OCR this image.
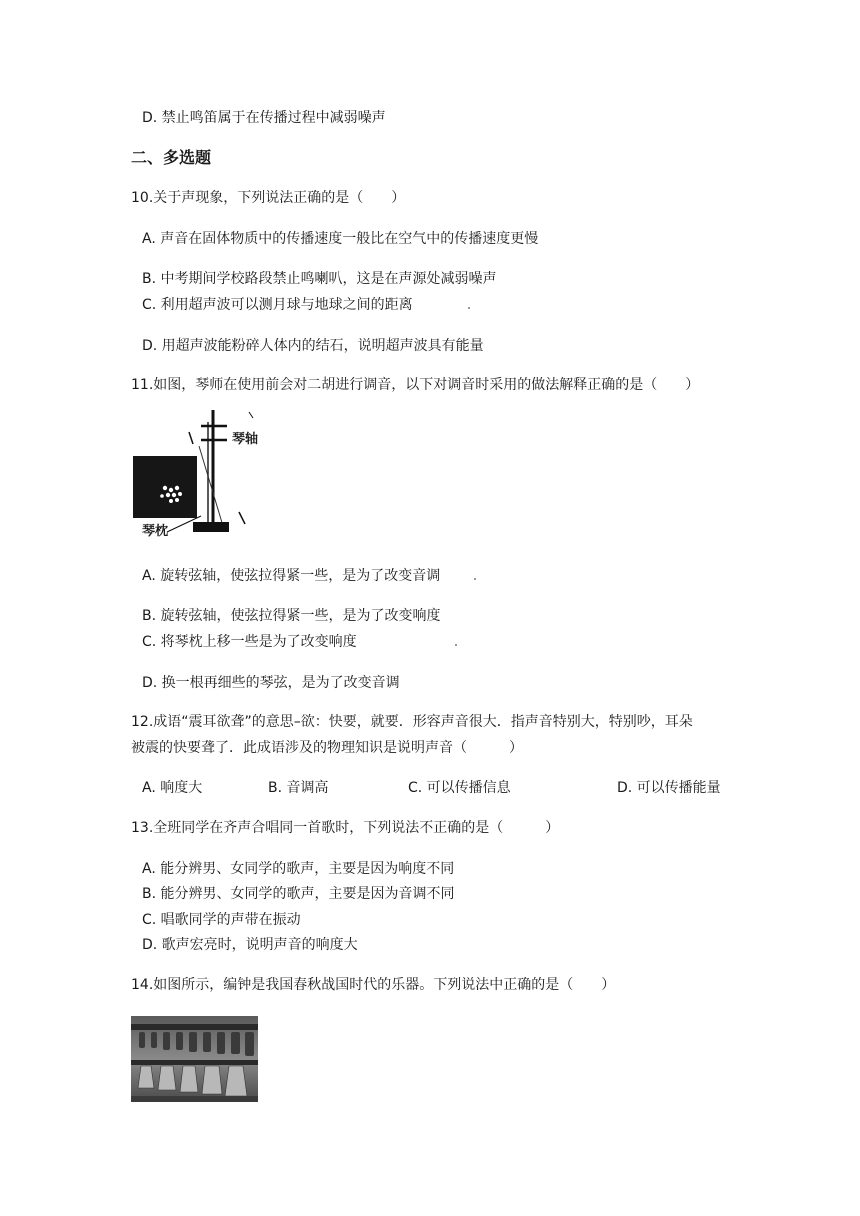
D. 禁止鸣笛属于在传播过程中减弱噪声
二、多选题
10.关于声现象，下列说法正确的是（　　）
A. 声音在固体物质中的传播速度一般比在空气中的传播速度更慢
B. 中考期间学校路段禁止鸣喇叭，这是在声源处减弱噪声
C. 利用超声波可以测月球与地球之间的距离
D. 用超声波能粉碎人体内的结石，说明超声波具有能量
11.如图，琴师在使用前会对二胡进行调音，以下对调音时采用的做法解释正确的是（　　）
琴轴
琴枕
A. 旋转弦轴，使弦拉得紧一些，是为了改变音调
B. 旋转弦轴，使弦拉得紧一些，是为了改变响度
C. 将琴枕上移一些是为了改变响度
D. 换一根再细些的琴弦，是为了改变音调
12.成语“震耳欲聋”的意思–欲：快要，就要．形容声音很大．指声音特别大，特别吵，耳朵
被震的快要聋了．此成语涉及的物理知识是说明声音（　　　）
A. 响度大	B. 音调高	C. 可以传播信息	D. 可以传播能量
13.全班同学在齐声合唱同一首歌时，下列说法不正确的是（　　　）
A. 能分辨男、女同学的歌声，主要是因为响度不同
B. 能分辨男、女同学的歌声，主要是因为音调不同
C. 唱歌同学的声带在振动
D. 歌声宏亮时，说明声音的响度大
14.如图所示，编钟是我国春秋战国时代的乐器。下列说法中正确的是（　　）
